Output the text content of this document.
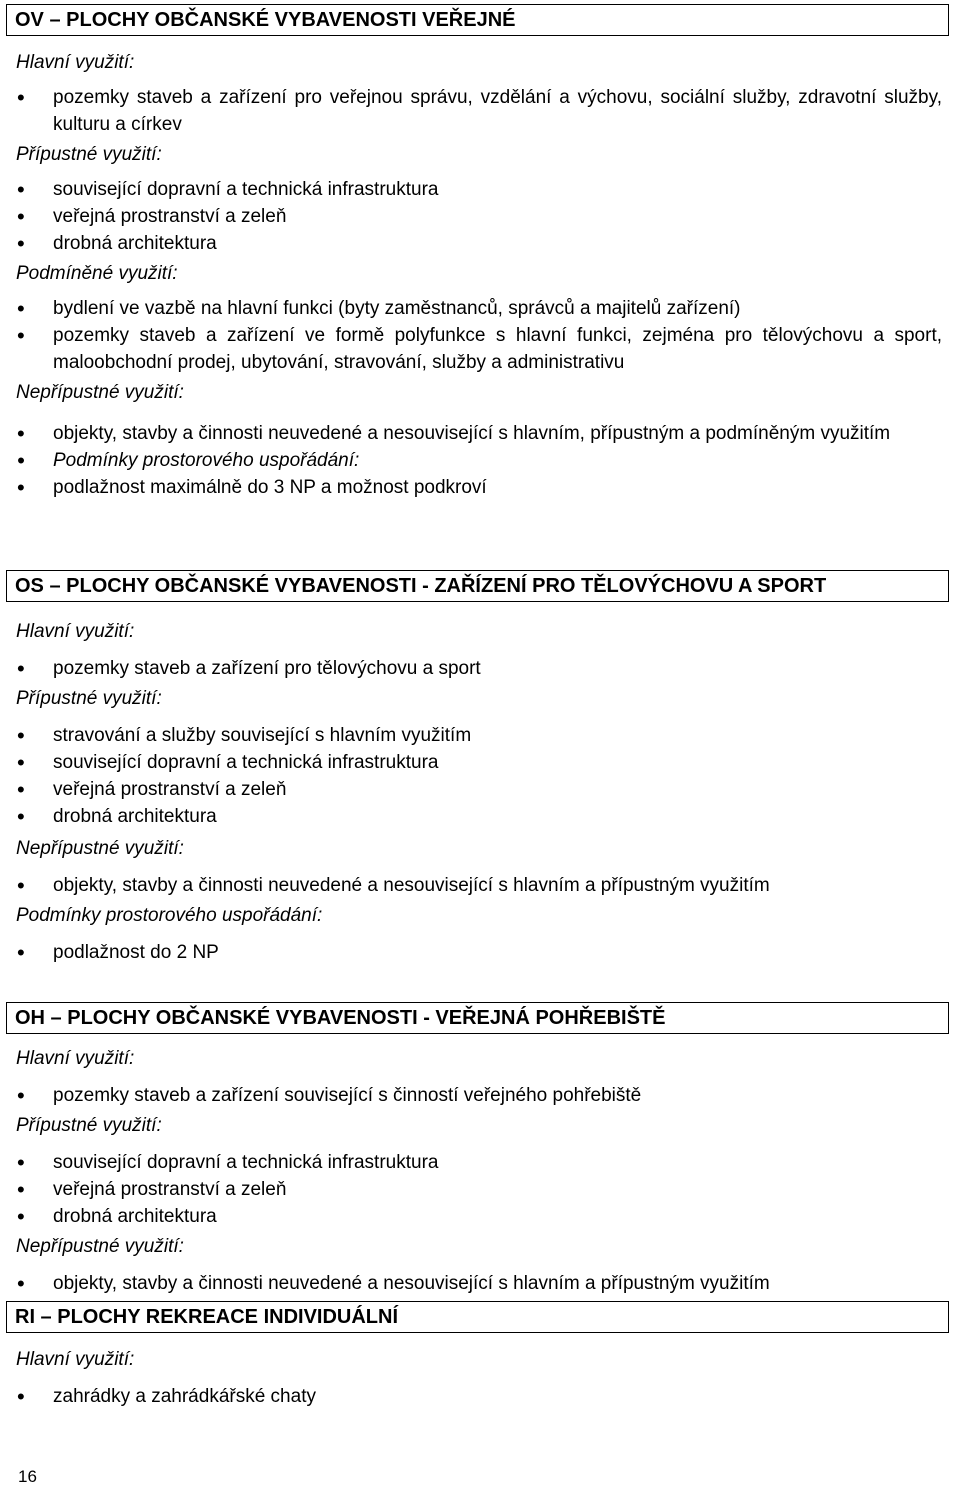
OV – PLOCHY OBČANSKÉ VYBAVENOSTI VEŘEJNÉ
Hlavní využití:
• pozemky staveb a zařízení pro veřejnou správu, vzdělání a výchovu, sociální služby, zdravotní služby, kulturu a církev
Přípustné využití:
• související dopravní a technická infrastruktura
• veřejná prostranství a zeleň
• drobná architektura
Podmíněné využití:
• bydlení ve vazbě na hlavní funkci (byty zaměstnanců, správců a majitelů zařízení)
• pozemky staveb a zařízení ve formě polyfunkce s hlavní funkci, zejména pro tělovýchovu a sport, maloobchodní prodej, ubytování, stravování, služby a administrativu
Nepřípustné využití:
• objekty, stavby a činnosti neuvedené a nesouvisející s hlavním, přípustným a podmíněným využitím
• Podmínky prostorového uspořádání:
• podlažnost maximálně do 3 NP a možnost podkroví
OS – PLOCHY OBČANSKÉ VYBAVENOSTI - ZAŘÍZENÍ PRO TĚLOVÝCHOVU A SPORT
Hlavní využití:
• pozemky staveb a zařízení pro tělovýchovu a sport
Přípustné využití:
• stravování a služby související s hlavním využitím
• související dopravní a technická infrastruktura
• veřejná prostranství a zeleň
• drobná architektura
Nepřípustné využití:
• objekty, stavby a činnosti neuvedené a nesouvisející s hlavním a přípustným využitím
Podmínky prostorového uspořádání:
• podlažnost do 2 NP
OH – PLOCHY OBČANSKÉ VYBAVENOSTI - VEŘEJNÁ POHŘEBIŠTĚ
Hlavní využití:
• pozemky staveb a zařízení související s činností veřejného pohřebiště
Přípustné využití:
• související dopravní a technická infrastruktura
• veřejná prostranství a zeleň
• drobná architektura
Nepřípustné využití:
• objekty, stavby a činnosti neuvedené a nesouvisející s hlavním a přípustným využitím
RI – PLOCHY REKREACE INDIVIDUÁLNÍ
Hlavní využití:
• zahrádky a zahrádkářské chaty
16
